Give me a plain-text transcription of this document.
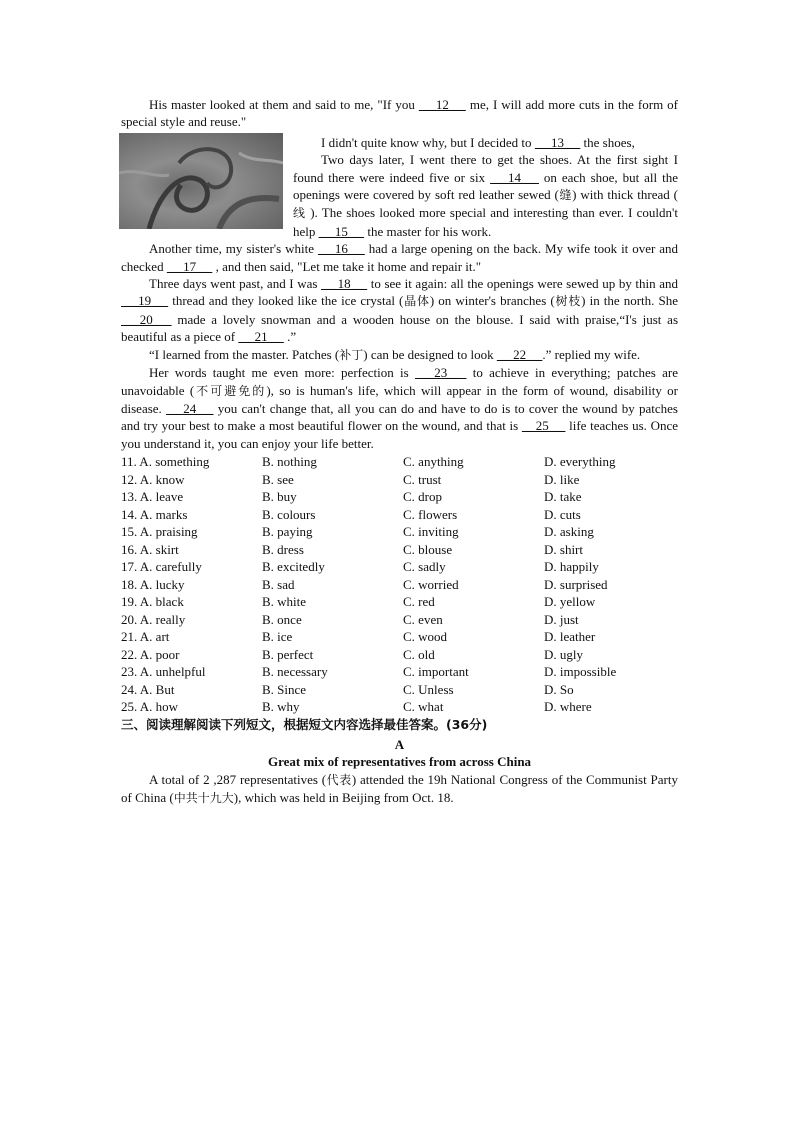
His master looked at them and said to me, "If you  __12__  me, I will add more cuts in the form of special style and reuse."

I didn't quite know why, but I decided to  __13__  the shoes,

Two days later, I went there to get the shoes. At the first sight I found there were indeed five or six  __14__  on each shoe, but all the openings were covered by soft red leather sewed (缝) with thick thread ( 线 ). The shoes looked more special and interesting than ever. I couldn't help  __15__  the master for his work.

Another time, my sister's white  __16__  had a large opening on the back. My wife took it over and checked  __17__  , and then said, "Let me take it home and repair it."

Three days went past, and I was  __18__  to see it again: all the openings were sewed up by thin and  __19__  thread and they looked like the ice crystal (晶体) on winter's branches (树枝) in the north. She  __20__  made a lovely snowman and a wooden house on the blouse. I said with praise,“I's just as beautiful as a piece of  __21__  .”

“I learned from the master. Patches (补丁) can be designed to look  __22__ .” replied my wife.

Her words taught me even more: perfection is  __23__  to achieve in everything; patches are unavoidable (不可避免的), so is human's life, which will appear in the form of wound, disability or disease.  __24__  you can't change that, all you can do and have to do is to cover the wound by patches and try your best to make a most beautiful flower on the wound, and that is  _ 25__  life teaches us. Once you understand it, you can enjoy your life better.

11. A. something	B. nothing	C. anything	D. everything
12. A. know	B. see	C. trust	D. like
13. A. leave	B. buy	C. drop	D. take
14. A. marks	B. colours	C. flowers	D. cuts
15. A. praising	B. paying	C. inviting	D. asking
16. A. skirt	B. dress	C. blouse	D. shirt
17. A. carefully	B. excitedly	C. sadly	D. happily
18. A. lucky	B. sad	C. worried	D. surprised
19. A. black	B. white	C. red	D. yellow
20. A. really	B. once	C. even	D. just
21. A. art	B. ice	C. wood	D. leather
22. A. poor	B. perfect	C. old	D. ugly
23. A. unhelpful	B. necessary	C. important	D. impossible
24. A. But	B. Since	C. Unless	D. So
25. A. how	B. why	C. what	D. where

三、阅读理解阅读下列短文，根据短文内容选择最佳答案。(36分)

A

Great mix of representatives from across China

A total of 2 ,287 representatives (代表) attended the 19h National Congress of the Communist Party of China (中共十九大), which was held in Beijing from Oct. 18.
